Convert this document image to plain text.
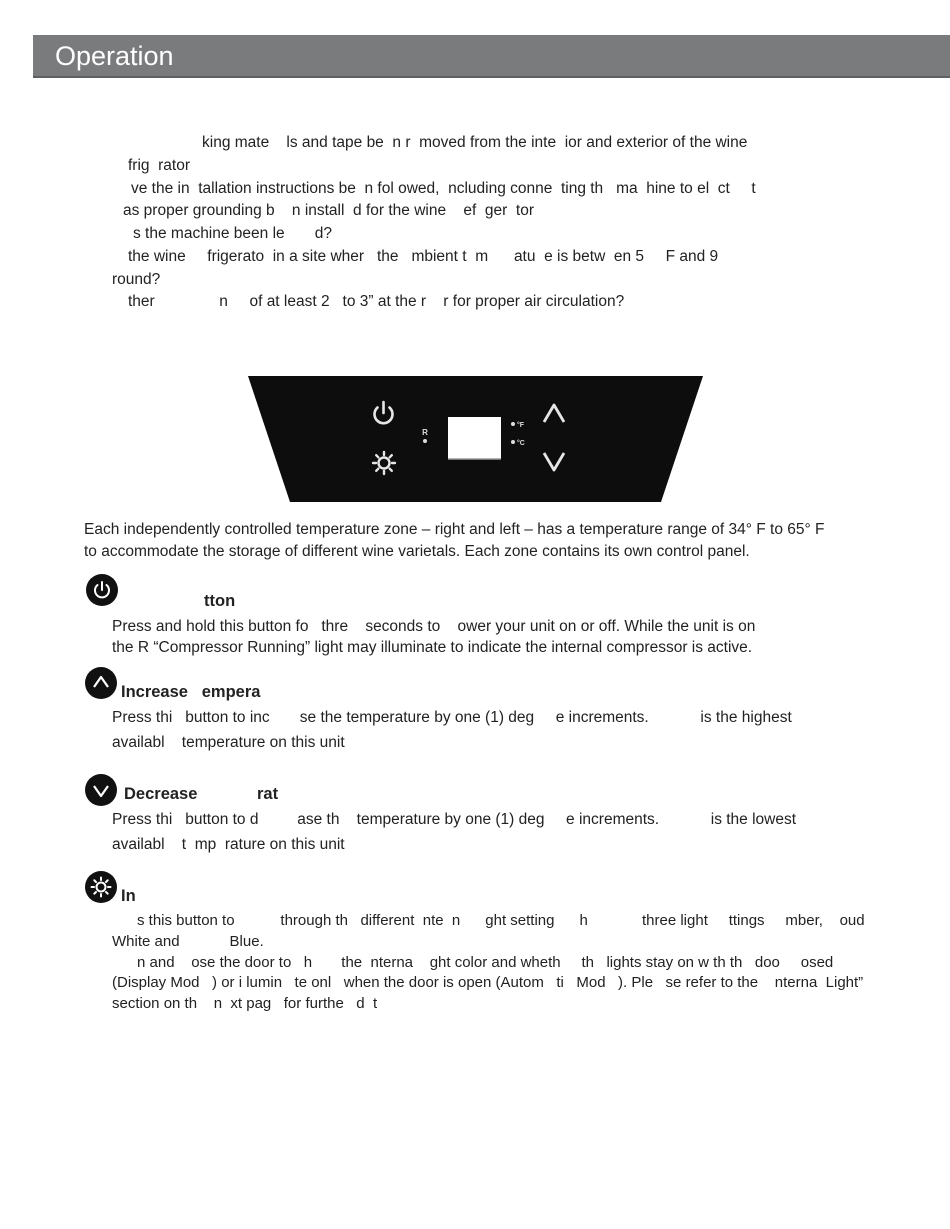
Operation
king mate    ls and tape be  n r  moved from the inte  ior and exterior of the wine
frig  rator
ve the in  tallation instructions be  n fol owed,  ncluding conne  ting th   ma  hine to el  ct     t
as proper grounding b    n install  d for the wine    ef  ger  tor
s the machine been le       d?
the wine     frigerato  in a site wher   the   mbient t  m      atu  e is betw  en 5     F and 9
round?
ther               n     of at least 2   to 3” at the r    r for proper air circulation?
R
°F
°C
Each independently controlled temperature zone – right and left – has a temperature range of 34° F to 65° F
to accommodate the storage of different wine varietals. Each zone contains its own control panel.
tton
Press and hold this button fo   thre    seconds to    ower your unit on or off. While the unit is on
the R “Compressor Running” light may illuminate to indicate the internal compressor is active.
Increase   empera
Press thi   button to inc       se the temperature by one (1) deg     e increments.            is the highest
availabl    temperature on this unit
Decrease             rat
Press thi   button to d         ase th    temperature by one (1) deg     e increments.            is the lowest
availabl    t  mp  rature on this unit
In
s this button to           through th   different  nte  n      ght setting      h             three light     ttings     mber,    oud
White and            Blue.
n and    ose the door to   h       the  nterna    ght color and wheth     th   lights stay on w th th   doo     osed
(Display Mod   ) or i lumin   te onl   when the door is open (Autom   ti   Mod   ). Ple   se refer to the    nterna  Light”
section on th    n  xt pag   for furthe   d  t
